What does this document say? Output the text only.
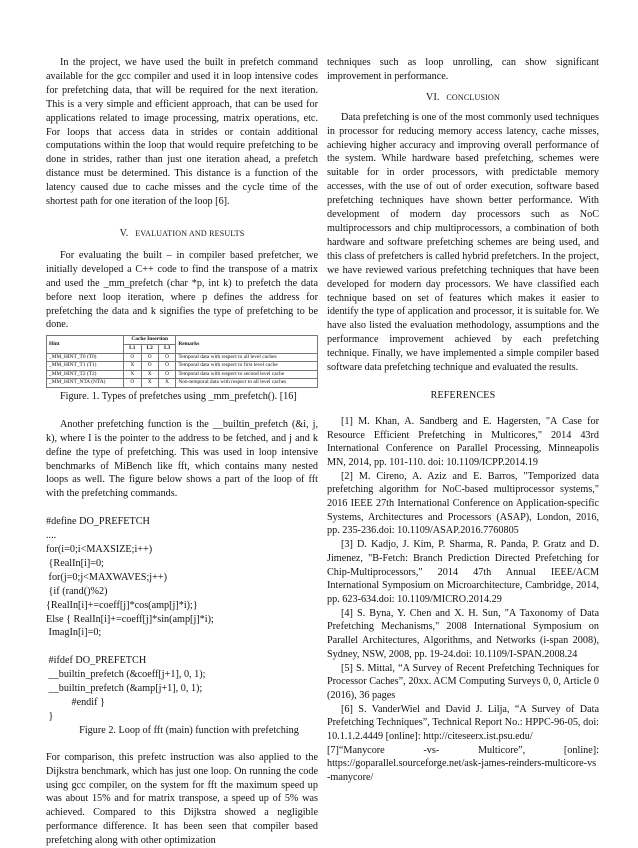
In the project, we have used the built in prefetch command available for the gcc compiler and used it in loop intensive codes for prefetching data, that will be required for the next iteration. This is a very simple and efficient approach, that can be used for applications related to image processing, matrix operations, etc. For loops that access data in strides or contain additional computations within the loop that would require prefetching to be done in strides, rather than just one iteration ahead, a prefetch distance must be determined. This distance is a function of the latency caused due to cache misses and the cycle time of the shortest path for one iteration of the loop [6].

V. EVALUATION AND RESULTS

For evaluating the built – in compiler based prefetcher, we initially developed a C++ code to find the transpose of a matrix and used the _mm_prefetch (char *p, int k) to prefetch the data before next loop iteration, where p defines the address for prefetching the data and k signifies the type of prefetching to be done.

Hint	Cache Insertion			Remarks
	L1	L2	L3	
_MM_HINT_T0 (T0)	O	O	O	Temporal data with respect to all level caches
_MM_HINT_T1 (T1)	X	O	O	Temporal data with respect to first level cache
_MM_HINT_T2 (T2)	X	X	O	Temporal data with respect to second level cache
_MM_HINT_NTA (NTA)	O	X	X	Non-temporal data with respect to all level caches

Figure. 1. Types of prefetches using _mm_prefetch(). [16]

Another prefetching function is the __builtin_prefetch (&i, j, k), where I is the pointer to the address to be fetched, and j and k define the type of prefetching. This was used in loop intensive benchmarks of MiBench like fft, which contains many nested loops as well. The figure below shows a part of the loop of fft with the prefetching commands.

#define DO_PREFETCH
....
for(i=0;i<MAXSIZE;i++)
{RealIn[i]=0;
for(j=0;j<MAXWAVES;j++)
{if (rand()%2)
{RealIn[i]+=coeff[j]*cos(amp[j]*i);}
Else { RealIn[i]+=coeff[j]*sin(amp[j]*i);
ImagIn[i]=0;
#ifdef DO_PREFETCH
__builtin_prefetch (&coeff[j+1], 0, 1);
__builtin_prefetch (&amp[j+1], 0, 1);
#endif }
}

Figure 2. Loop of fft (main) function with prefetching

For comparison, this prefetc instruction was also applied to the Dijkstra benchmark, which has just one loop. On running the code using gcc compiler, on the system for fft the maximum speed up was about 15% and for matrix transpose, a speed up of 5% was achieved. Compared to this Dijkstra showed a negligible performance difference. It has been seen that compiler based prefetching along with other optimization

techniques such as loop unrolling, can show significant improvement in performance.

VI. CONCLUSION

Data prefetching is one of the most commonly used techniques in processor for reducing memory access latency, cache misses, achieving higher accuracy and improving overall performance of the system. While hardware based prefetching, schemes were suitable for in order processors, with predictable memory accesses, with the use of out of order execution, software based prefetching techniques have shown better performance. With development of modern day processors such as NoC multiprocessors and chip multiprocessors, a combination of both hardware and software prefetching schemes are being used, and this class of prefetchers is called hybrid prefetchers. In the project, we have reviewed various prefetching techniques that have been developed for modern day processors. We have classified each technique based on set of features which makes it easier to identify the type of application and processor, it is suitable for. We have also listed the evaluation methodology, assumptions and the performance improvement achieved by each prefetching technique. Finally, we have implemented a simple compiler based software data prefetching technique and evaluated the results.

REFERENCES

[1] M. Khan, A. Sandberg and E. Hagersten, "A Case for Resource Efficient Prefetching in Multicores," 2014 43rd International Conference on Parallel Processing, Minneapolis MN, 2014, pp. 101-110. doi: 10.1109/ICPP.2014.19

[2] M. Cireno, A. Aziz and E. Barros, "Temporized data prefetching algorithm for NoC-based multiprocessor systems," 2016 IEEE 27th International Conference on Application-specific Systems, Architectures and Processors (ASAP), London, 2016, pp. 235-236.doi: 10.1109/ASAP.2016.7760805

[3] D. Kadjo, J. Kim, P. Sharma, R. Panda, P. Gratz and D. Jimenez, "B-Fetch: Branch Prediction Directed Prefetching for Chip-Multiprocessors," 2014 47th Annual IEEE/ACM International Symposium on Microarchitecture, Cambridge, 2014, pp. 623-634.doi: 10.1109/MICRO.2014.29

[4] S. Byna, Y. Chen and X. H. Sun, "A Taxonomy of Data Prefetching Mechanisms," 2008 International Symposium on Parallel Architectures, Algorithms, and Networks (i-span 2008), Sydney, NSW, 2008, pp. 19-24.doi: 10.1109/I-SPAN.2008.24

[5] S. Mittal, “A Survey of Recent Prefetching Techniques for Processor Caches”, 20xx. ACM Computing Surveys 0, 0, Article 0 (2016), 36 pages

[6] S. VanderWiel and David J. Lilja, “A Survey of Data Prefetching Techniques”, Technical Report No.: HPPC-96-05, doi: 10.1.1.2.4449 [online]: http://citeseerx.ist.psu.edu/

[7]“Manycore	-vs-	Multicore”,	[online]:
https://goparallel.sourceforge.net/ask-james-reinders-multicore-vs-manycore/
